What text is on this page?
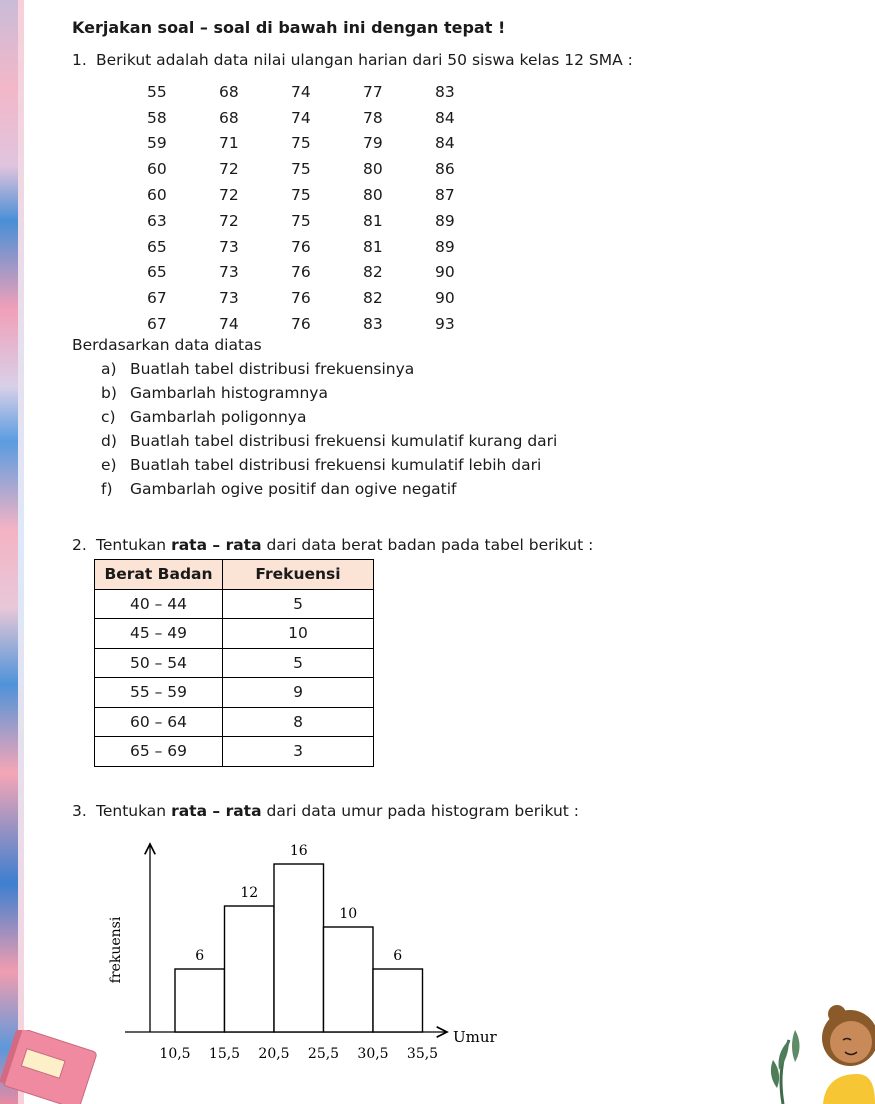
Kerjakan soal – soal di bawah ini dengan tepat !
1. Berikut adalah data nilai ulangan harian dari 50 siswa kelas 12 SMA :
55	68	74	77	83
58	68	74	78	84
59	71	75	79	84
60	72	75	80	86
60	72	75	80	87
63	72	75	81	89
65	73	76	81	89
65	73	76	82	90
67	73	76	82	90
67	74	76	83	93
Berdasarkan data diatas
a) Buatlah tabel distribusi frekuensinya
b) Gambarlah histogramnya
c) Gambarlah poligonnya
d) Buatlah tabel distribusi frekuensi kumulatif kurang dari
e) Buatlah tabel distribusi frekuensi kumulatif lebih dari
f) Gambarlah ogive positif dan ogive negatif
2. Tentukan rata – rata dari data berat badan pada tabel berikut :
Berat Badan	Frekuensi
40 – 44	5
45 – 49	10
50 – 54	5
55 – 59	9
60 – 64	8
65 – 69	3
3. Tentukan rata – rata dari data umur pada histogram berikut :
frekuensi
Umur
6
12
16
10
6
10,5 15,5 20,5 25,5 30,5 35,5
